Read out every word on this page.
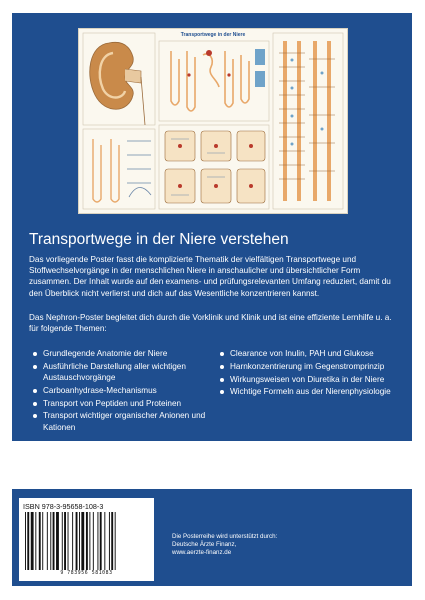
Transportwege in der Niere
Transportwege in der Niere verstehen

Das vorliegende Poster fasst die komplizierte Thematik der vielfältigen Transportwege und Stoffwechselvorgänge in der menschlichen Niere in anschaulicher und übersichtlicher Form zusammen. Der Inhalt wurde auf den examens- und prüfungsrelevanten Umfang reduziert, damit du den Überblick nicht verlierst und dich auf das Wesentliche konzentrieren kannst.

Das Nephron-Poster begleitet dich durch die Vorklinik und Klinik und ist eine effiziente Lernhilfe u. a. für folgende Themen:

Grundlegende Anatomie der Niere
Ausführliche Darstellung aller wichtigen Austauschvorgänge
Carboanhydrase-Mechanismus
Transport von Peptiden und Proteinen
Transport wichtiger organischer Anionen und Kationen
Clearance von Inulin, PAH und Glukose
Harnkonzentrierung im Gegenstromprinzip
Wirkungsweisen von Diuretika in der Niere
Wichtige Formeln aus der Nierenphysiologie
ISBN 978-3-95658-108-3
9 783956 581083
Die Posterreihe wird unterstützt durch:
Deutsche Ärzte Finanz,
www.aerzte-finanz.de
